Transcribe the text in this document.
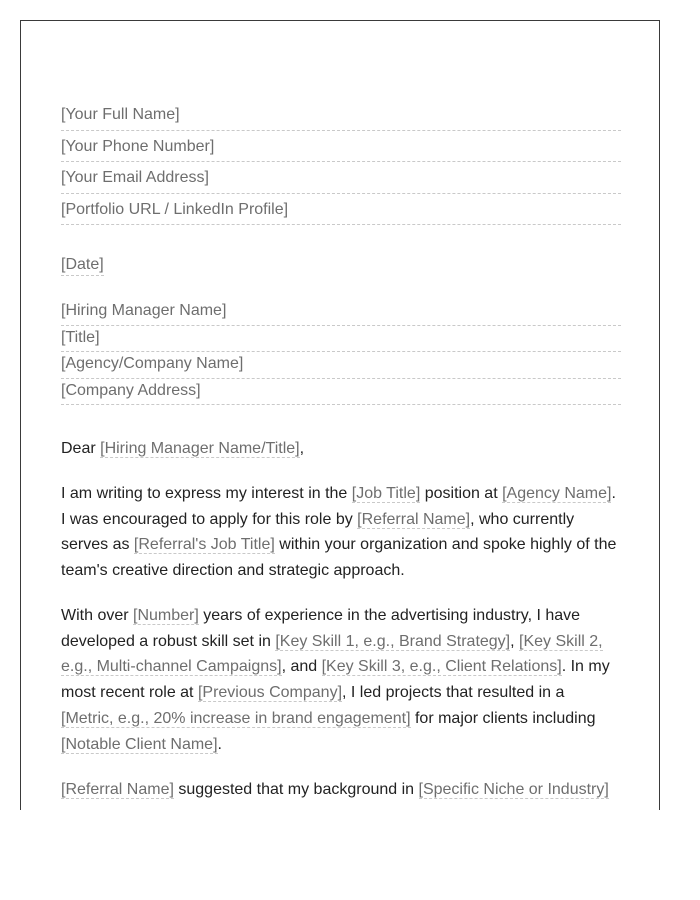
[Your Full Name]
[Your Phone Number]
[Your Email Address]
[Portfolio URL / LinkedIn Profile]
[Date]
[Hiring Manager Name]
[Title]
[Agency/Company Name]
[Company Address]
Dear [Hiring Manager Name/Title],

I am writing to express my interest in the [Job Title] position at [Agency Name]. I was encouraged to apply for this role by [Referral Name], who currently serves as [Referral's Job Title] within your organization and spoke highly of the team's creative direction and strategic approach.

With over [Number] years of experience in the advertising industry, I have developed a robust skill set in [Key Skill 1, e.g., Brand Strategy], [Key Skill 2, e.g., Multi-channel Campaigns], and [Key Skill 3, e.g., Client Relations]. In my most recent role at [Previous Company], I led projects that resulted in a [Metric, e.g., 20% increase in brand engagement] for major clients including [Notable Client Name].

[Referral Name] suggested that my background in [Specific Niche or Industry]
